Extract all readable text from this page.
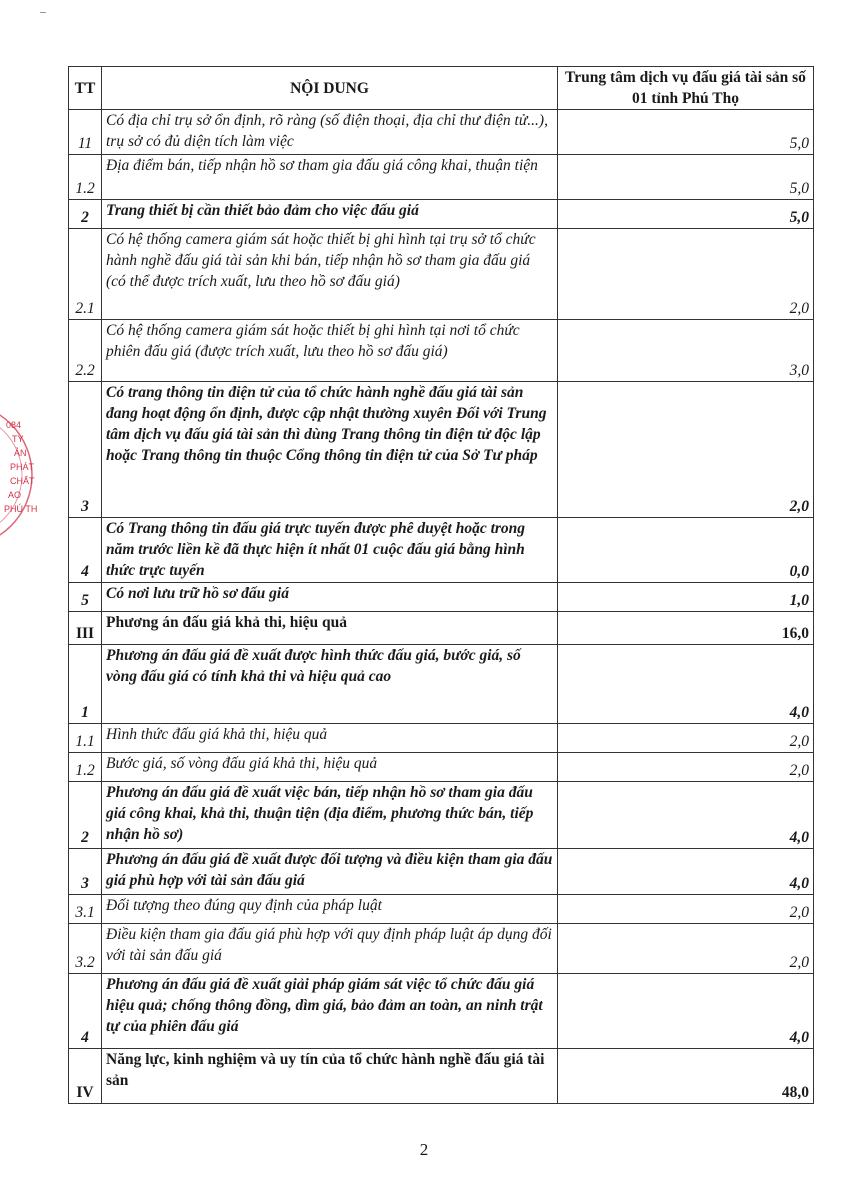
TT	NỘI DUNG	Trung tâm dịch vụ đấu giá tài sản số 01 tỉnh Phú Thọ
11	Có địa chỉ trụ sở ổn định, rõ ràng (số điện thoại, địa chỉ thư điện tử...), trụ sở có đủ diện tích làm việc	5,0
1.2	Địa điểm bán, tiếp nhận hồ sơ tham gia đấu giá công khai, thuận tiện	5,0
2	Trang thiết bị cần thiết bảo đảm cho việc đấu giá	5,0
2.1	Có hệ thống camera giám sát hoặc thiết bị ghi hình tại trụ sở tổ chức hành nghề đấu giá tài sản khi bán, tiếp nhận hồ sơ tham gia đấu giá (có thể được trích xuất, lưu theo hồ sơ đấu giá)	2,0
2.2	Có hệ thống camera giám sát hoặc thiết bị ghi hình tại nơi tổ chức phiên đấu giá (được trích xuất, lưu theo hồ sơ đấu giá)	3,0
3	Có trang thông tin điện tử của tổ chức hành nghề đấu giá tài sản đang hoạt động ổn định, được cập nhật thường xuyên Đối với Trung tâm dịch vụ đấu giá tài sản thì dùng Trang thông tin điện tử độc lập hoặc Trang thông tin thuộc Cổng thông tin điện tử của Sở Tư pháp	2,0
4	Có Trang thông tin đấu giá trực tuyến được phê duyệt hoặc trong năm trước liền kề đã thực hiện ít nhất 01 cuộc đấu giá bằng hình thức trực tuyến	0,0
5	Có nơi lưu trữ hồ sơ đấu giá	1,0
III	Phương án đấu giá khả thi, hiệu quả	16,0
1	Phương án đấu giá đề xuất được hình thức đấu giá, bước giá, số vòng đấu giá có tính khả thi và hiệu quả cao	4,0
1.1	Hình thức đấu giá khả thi, hiệu quả	2,0
1.2	Bước giá, số vòng đấu giá khả thi, hiệu quả	2,0
2	Phương án đấu giá đề xuất việc bán, tiếp nhận hồ sơ tham gia đấu giá công khai, khả thi, thuận tiện (địa điểm, phương thức bán, tiếp nhận hồ sơ)	4,0
3	Phương án đấu giá đề xuất được đối tượng và điều kiện tham gia đấu giá phù hợp với tài sản đấu giá	4,0
3.1	Đối tượng theo đúng quy định của pháp luật	2,0
3.2	Điều kiện tham gia đấu giá phù hợp với quy định pháp luật áp dụng đối với tài sản đấu giá	2,0
4	Phương án đấu giá đề xuất giải pháp giám sát việc tổ chức đấu giá hiệu quả; chống thông đồng, dìm giá, bảo đảm an toàn, an ninh trật tự của phiên đấu giá	4,0
IV	Năng lực, kinh nghiệm và uy tín của tổ chức hành nghề đấu giá tài sản	48,0
084
TY
ẢN
PHÁT
CHẤT
AO
PHÚ TH
2
